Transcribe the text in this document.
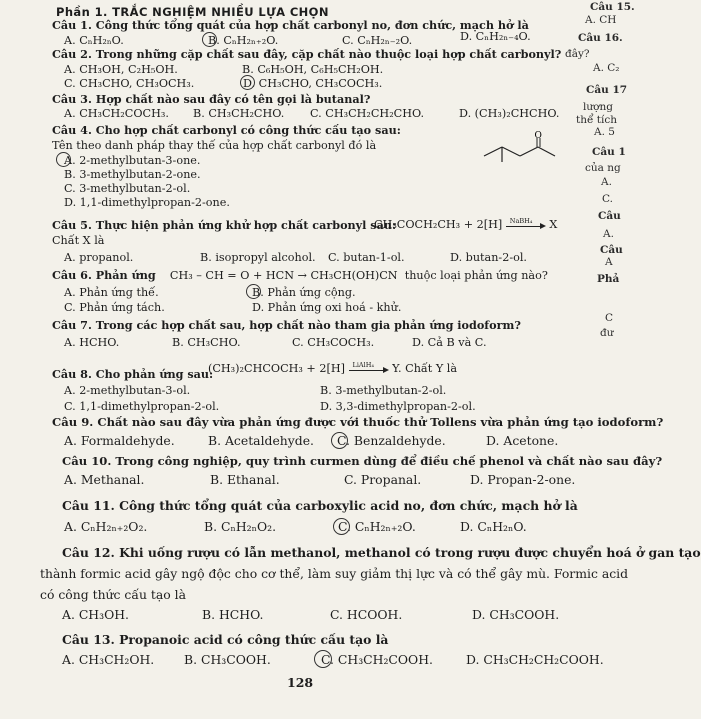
Phần 1. TRẮC NGHIỆM NHIỀU LỰA CHỌN
Câu 1. Công thức tổng quát của hợp chất carbonyl no, đơn chức, mạch hở là
A. CₙH₂ₙO.	B. CₙH₂ₙ₊₂O.	C. CₙH₂ₙ₋₂O.	D. CₙH₂ₙ₋₄O.
Câu 2. Trong những cặp chất sau đây, cặp chất nào thuộc loại hợp chất carbonyl?
A. CH₃OH, C₂H₅OH.	B. C₆H₅OH, C₆H₅CH₂OH.
C. CH₃CHO, CH₃OCH₃.	D. CH₃CHO, CH₃COCH₃.
Câu 3. Hợp chất nào sau đây có tên gọi là butanal?
A. CH₃CH₂COCH₃. B. CH₃CH₂CHO. C. CH₃CH₂CH₂CHO.	D. (CH₃)₂CHCHO.
Câu 4. Cho hợp chất carbonyl có công thức cấu tạo sau:
Tên theo danh pháp thay thế của hợp chất carbonyl đó là
O
A. 2-methylbutan-3-one.
B. 3-methylbutan-2-one.
C. 3-methylbutan-2-ol.
D. 1,1-dimethylpropan-2-one.
Câu 5. Thực hiện phản ứng khử hợp chất carbonyl sau:
CH₃COCH₂CH₃ + 2[H] NaBH₄ X
Chất X là
A. propanol.	B. isopropyl alcohol. C. butan-1-ol.	D. butan-2-ol.
Câu 6. Phản ứng CH₃ – CH = O + HCN → CH₃CH(OH)CN thuộc loại phản ứng nào?
A. Phản ứng thế.	B. Phản ứng cộng.
C. Phản ứng tách.	D. Phản ứng oxi hoá - khử.
Câu 7. Trong các hợp chất sau, hợp chất nào tham gia phản ứng iodoform?
A. HCHO.	B. CH₃CHO.	C. CH₃COCH₃.	D. Cả B và C.
Câu 8. Cho phản ứng sau:
(CH₃)₂CHCOCH₃ + 2[H] LiAlH₄ Y. Chất Y là
A. 2-methylbutan-3-ol.	B. 3-methylbutan-2-ol.
C. 1,1-dimethylpropan-2-ol.	D. 3,3-dimethylpropan-2-ol.
Câu 9. Chất nào sau đây vừa phản ứng được với thuốc thử Tollens vừa phản ứng tạo iodoform?
A. Formaldehyde.	B. Acetaldehyde. C. Benzaldehyde.	D. Acetone.
Câu 10. Trong công nghiệp, quy trình curmen dùng để điều chế phenol và chất nào sau đây?
A. Methanal.	B. Ethanal.	C. Propanal.	D. Propan-2-one.
Câu 11. Công thức tổng quát của carboxylic acid no, đơn chức, mạch hở là
A. CₙH₂ₙ₊₂O₂.	B. CₙH₂ₙO₂.	C. CₙH₂ₙ₊₂O.	D. CₙH₂ₙO.
Câu 12. Khi uống rượu có lẫn methanol, methanol có trong rượu được chuyển hoá ở gan tạo
thành formic acid gây ngộ độc cho cơ thể, làm suy giảm thị lực và có thể gây mù. Formic acid
có công thức cấu tạo là
A. CH₃OH.	B. HCHO.	C. HCOOH.	D. CH₃COOH.
Câu 13. Propanoic acid có công thức cấu tạo là
A. CH₃CH₂OH. B. CH₃COOH.	C. CH₃CH₂COOH.	D. CH₃CH₂CH₂COOH.
128
Câu 15.
A. CH
Câu 16.
đây?
A. C₂
Câu 17
lượng
thể tích
A. 5
Câu 1
của ng
A.
C.
Câu
A.
Câu
A
Phả
C
đư
